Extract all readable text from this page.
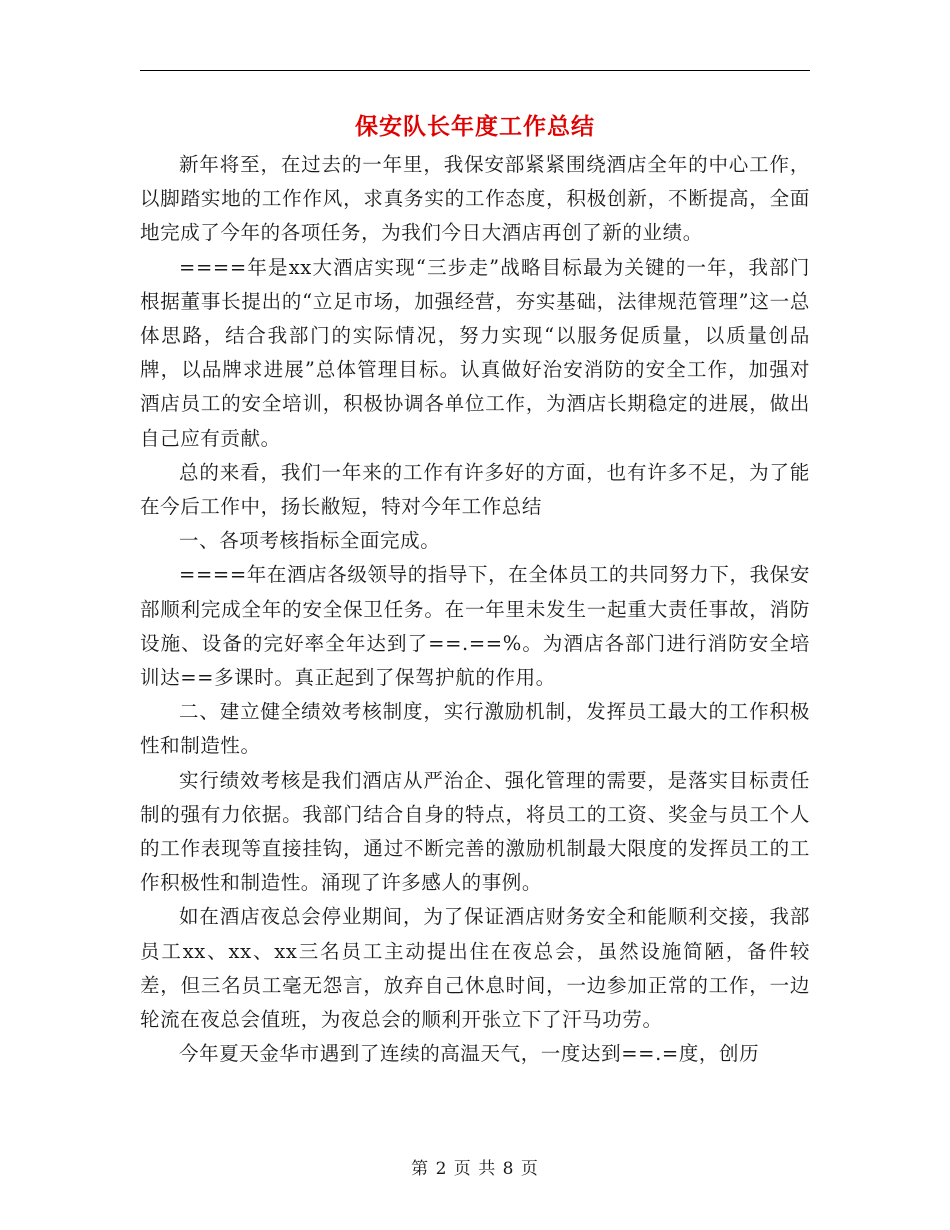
保安队长年度工作总结

新年将至，在过去的一年里，我保安部紧紧围绕酒店全年的中心工作，以脚踏实地的工作作风，求真务实的工作态度，积极创新，不断提高，全面地完成了今年的各项任务，为我们今日大酒店再创了新的业绩。

====年是xx大酒店实现“三步走”战略目标最为关键的一年，我部门根据董事长提出的“立足市场，加强经营，夯实基础，法律规范管理”这一总体思路，结合我部门的实际情况，努力实现“以服务促质量，以质量创品牌，以品牌求进展”总体管理目标。认真做好治安消防的安全工作，加强对酒店员工的安全培训，积极协调各单位工作，为酒店长期稳定的进展，做出自己应有贡献。

总的来看，我们一年来的工作有许多好的方面，也有许多不足，为了能在今后工作中，扬长敝短，特对今年工作总结

一、各项考核指标全面完成。

====年在酒店各级领导的指导下，在全体员工的共同努力下，我保安部顺利完成全年的安全保卫任务。在一年里未发生一起重大责任事故，消防设施、设备的完好率全年达到了==.==%。为酒店各部门进行消防安全培训达==多课时。真正起到了保驾护航的作用。

二、建立健全绩效考核制度，实行激励机制，发挥员工最大的工作积极性和制造性。

实行绩效考核是我们酒店从严治企、强化管理的需要，是落实目标责任制的强有力依据。我部门结合自身的特点，将员工的工资、奖金与员工个人的工作表现等直接挂钩，通过不断完善的激励机制最大限度的发挥员工的工作积极性和制造性。涌现了许多感人的事例。

如在酒店夜总会停业期间，为了保证酒店财务安全和能顺利交接，我部员工xx、xx、xx三名员工主动提出住在夜总会，虽然设施简陋，备件较差，但三名员工毫无怨言，放弃自己休息时间，一边参加正常的工作，一边轮流在夜总会值班，为夜总会的顺利开张立下了汗马功劳。

今年夏天金华市遇到了连续的高温天气，一度达到==.=度，创历

第 2 页 共 8 页
